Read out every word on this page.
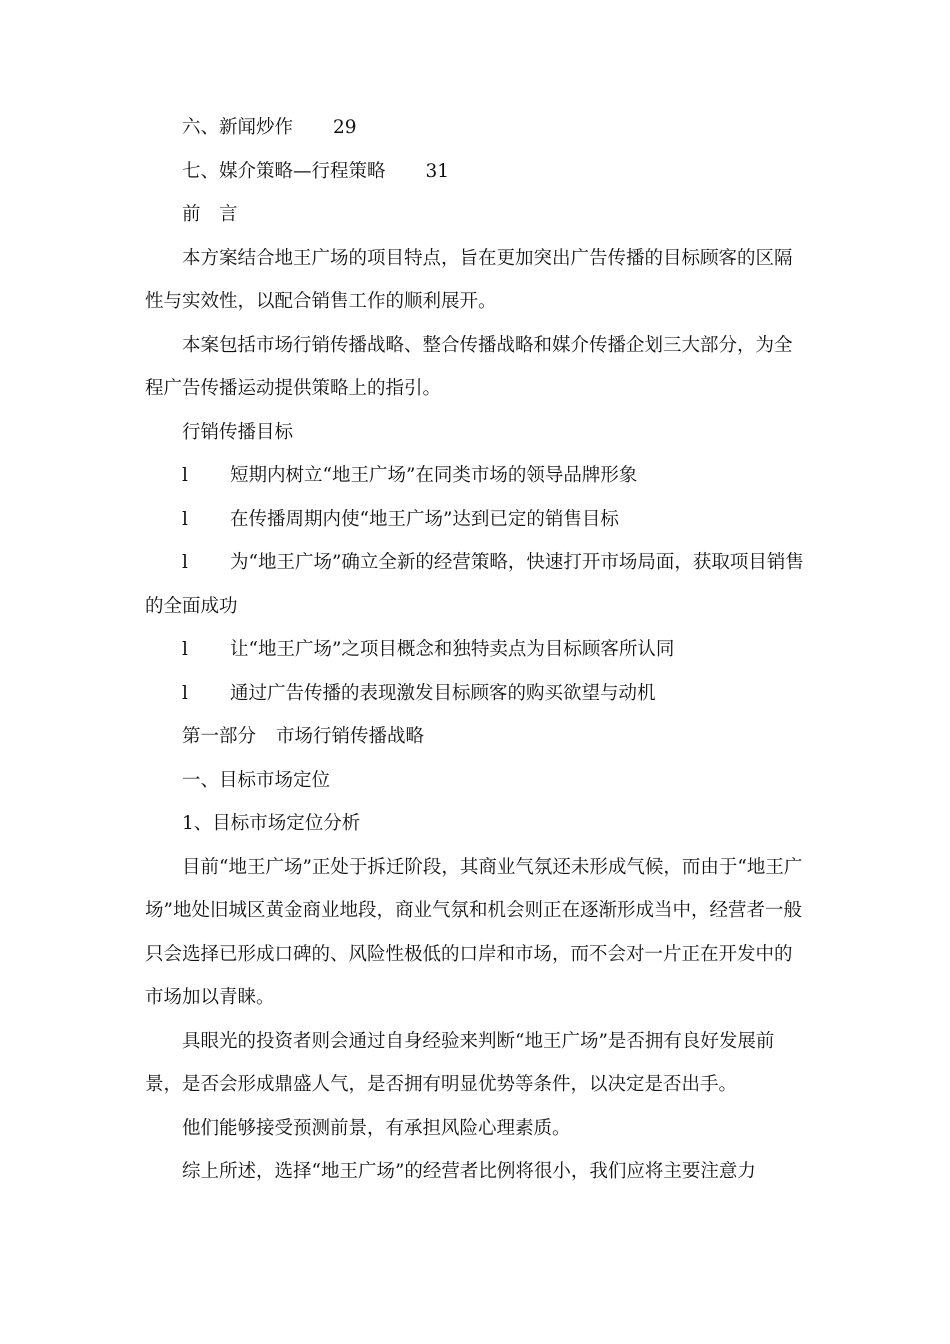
六、新闻炒作 29
七、媒介策略—行程策略 31

前　言

本方案结合地王广场的项目特点，旨在更加突出广告传播的目标顾客的区隔性与实效性，以配合销售工作的顺利展开。

本案包括市场行销传播战略、整合传播战略和媒介传播企划三大部分，为全程广告传播运动提供策略上的指引。

行销传播目标

l	短期内树立“地王广场”在同类市场的领导品牌形象
l	在传播周期内使“地王广场”达到已定的销售目标

l 为“地王广场”确立全新的经营策略，快速打开市场局面，获取项目销售的全面成功

l	让“地王广场”之项目概念和独特卖点为目标顾客所认同
l	通过广告传播的表现激发目标顾客的购买欲望与动机

第一部分 市场行销传播战略

一、目标市场定位

1、目标市场定位分析

目前“地王广场”正处于拆迁阶段，其商业气氛还未形成气候，而由于“地王广场”地处旧城区黄金商业地段，商业气氛和机会则正在逐渐形成当中，经营者一般只会选择已形成口碑的、风险性极低的口岸和市场，而不会对一片正在开发中的市场加以青睐。

具眼光的投资者则会通过自身经验来判断“地王广场”是否拥有良好发展前景，是否会形成鼎盛人气，是否拥有明显优势等条件，以决定是否出手。

他们能够接受预测前景，有承担风险心理素质。

综上所述，选择“地王广场”的经营者比例将很小，我们应将主要注意力
